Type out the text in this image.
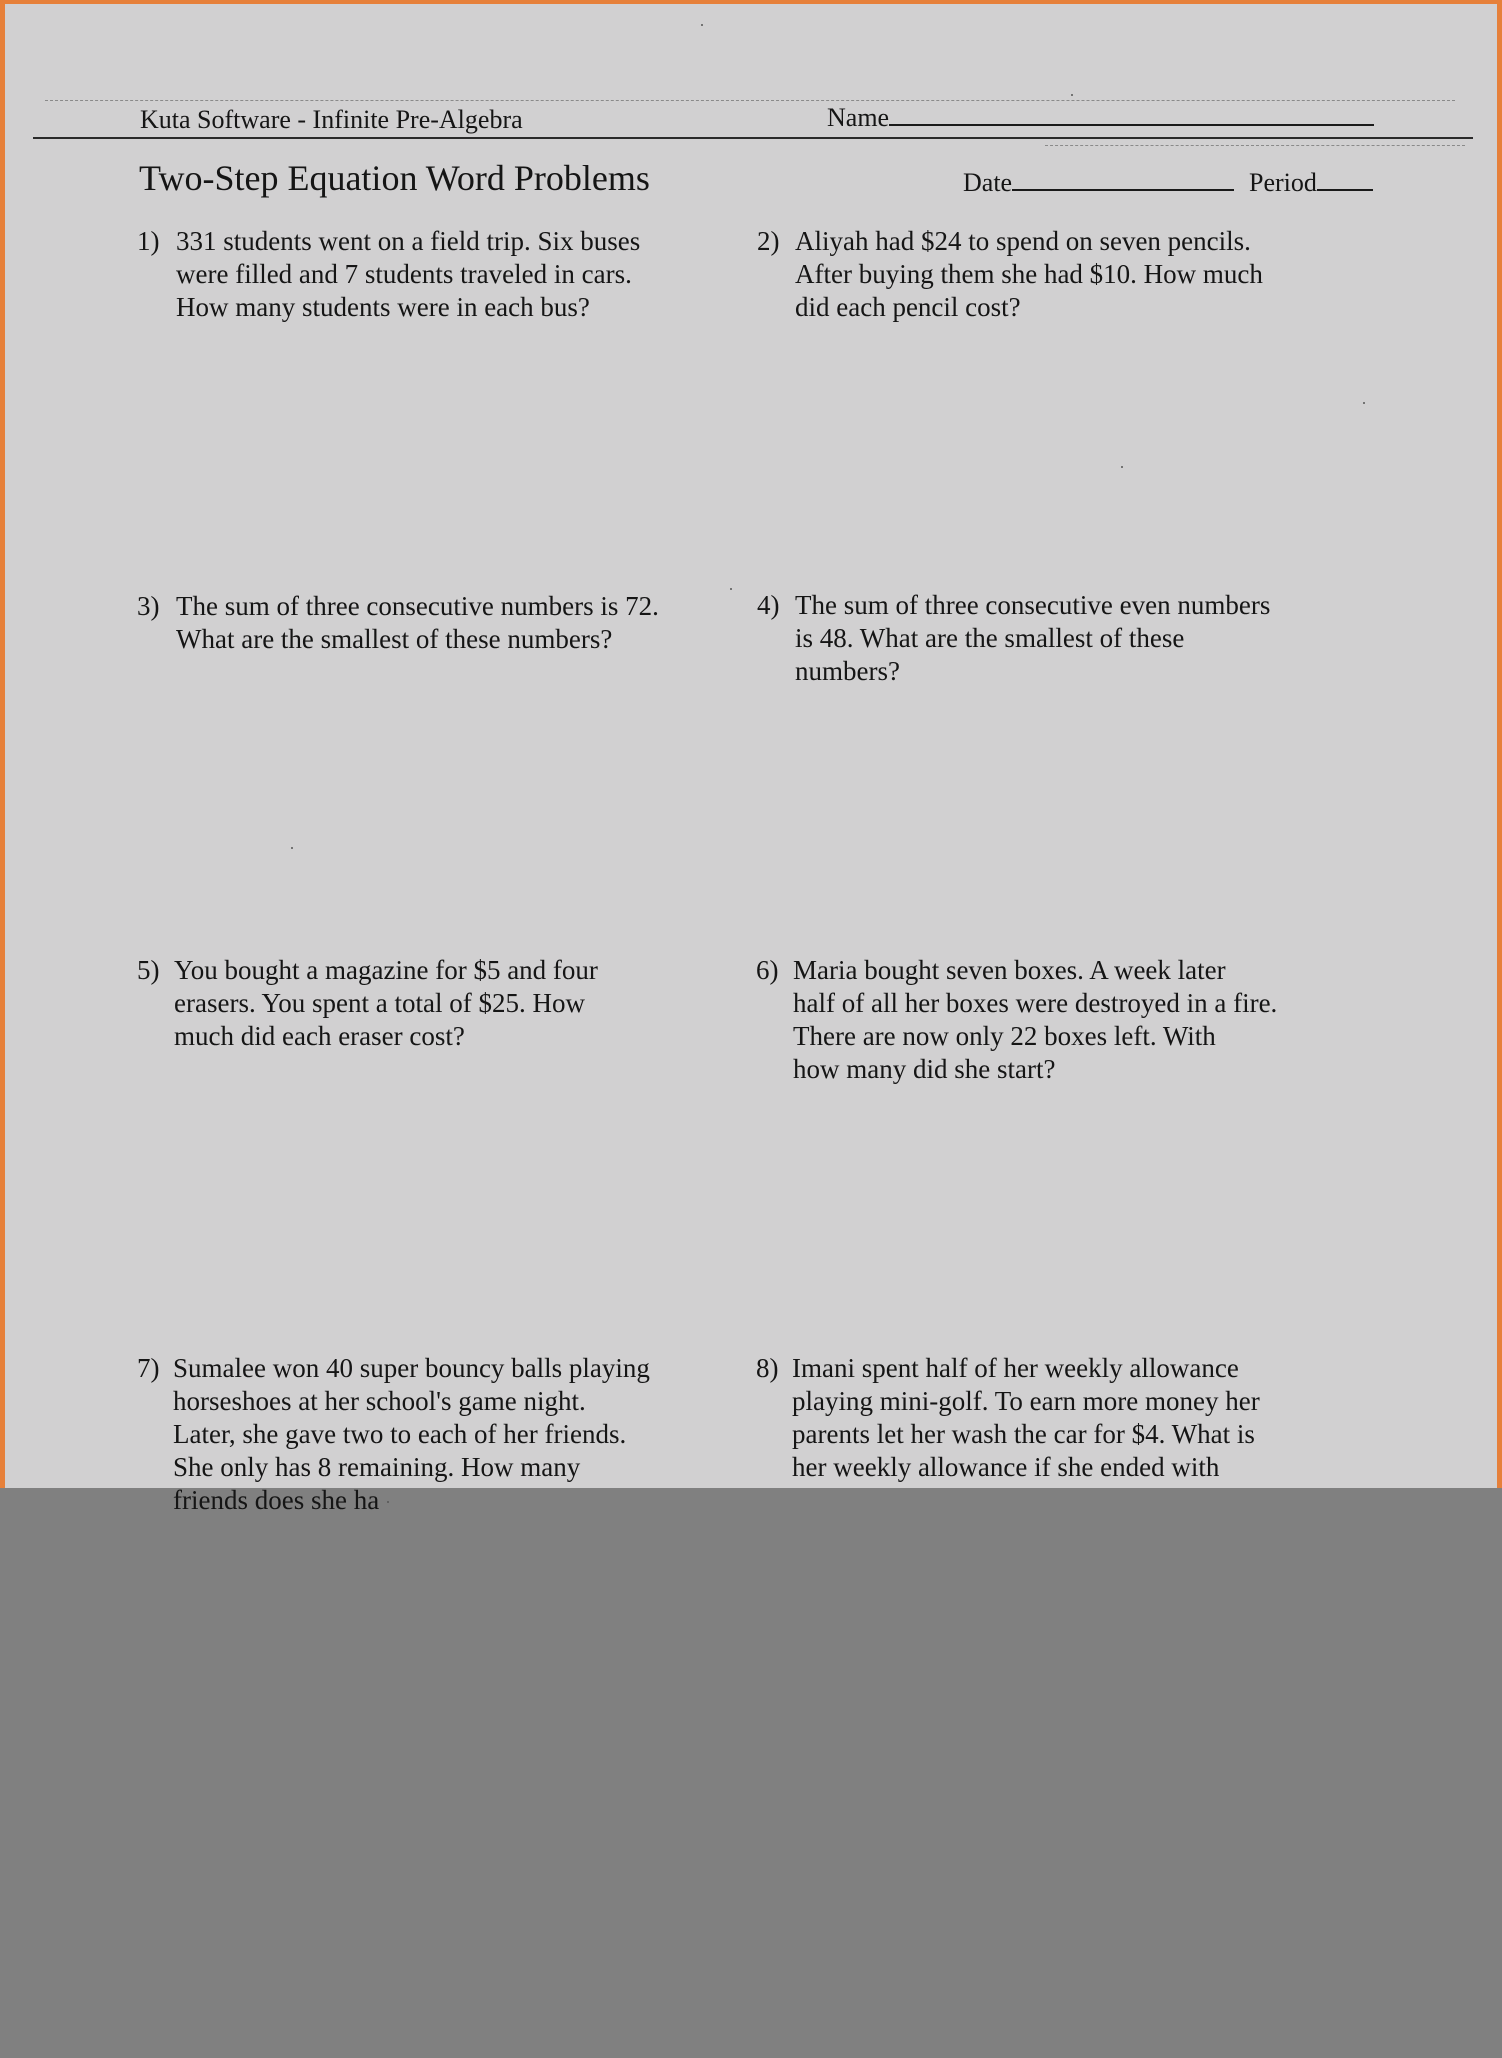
Kuta Software - Infinite Pre-Algebra	Name
Date	Period
Two-Step Equation Word Problems
1) 331 students went on a field trip. Six buses
were filled and 7 students traveled in cars.
How many students were in each bus?
2) Aliyah had $24 to spend on seven pencils.
After buying them she had $10. How much
did each pencil cost?
3) The sum of three consecutive numbers is 72.
What are the smallest of these numbers?
4) The sum of three consecutive even numbers
is 48. What are the smallest of these
numbers?
5) You bought a magazine for $5 and four
erasers. You spent a total of $25. How
much did each eraser cost?
6) Maria bought seven boxes. A week later
half of all her boxes were destroyed in a fire.
There are now only 22 boxes left. With
how many did she start?
7) Sumalee won 40 super bouncy balls playing
horseshoes at her school's game night.
Later, she gave two to each of her friends.
She only has 8 remaining. How many
friends does she ha
8) Imani spent half of her weekly allowance
playing mini-golf. To earn more money her
parents let her wash the car for $4. What is
her weekly allowance if she ended with
